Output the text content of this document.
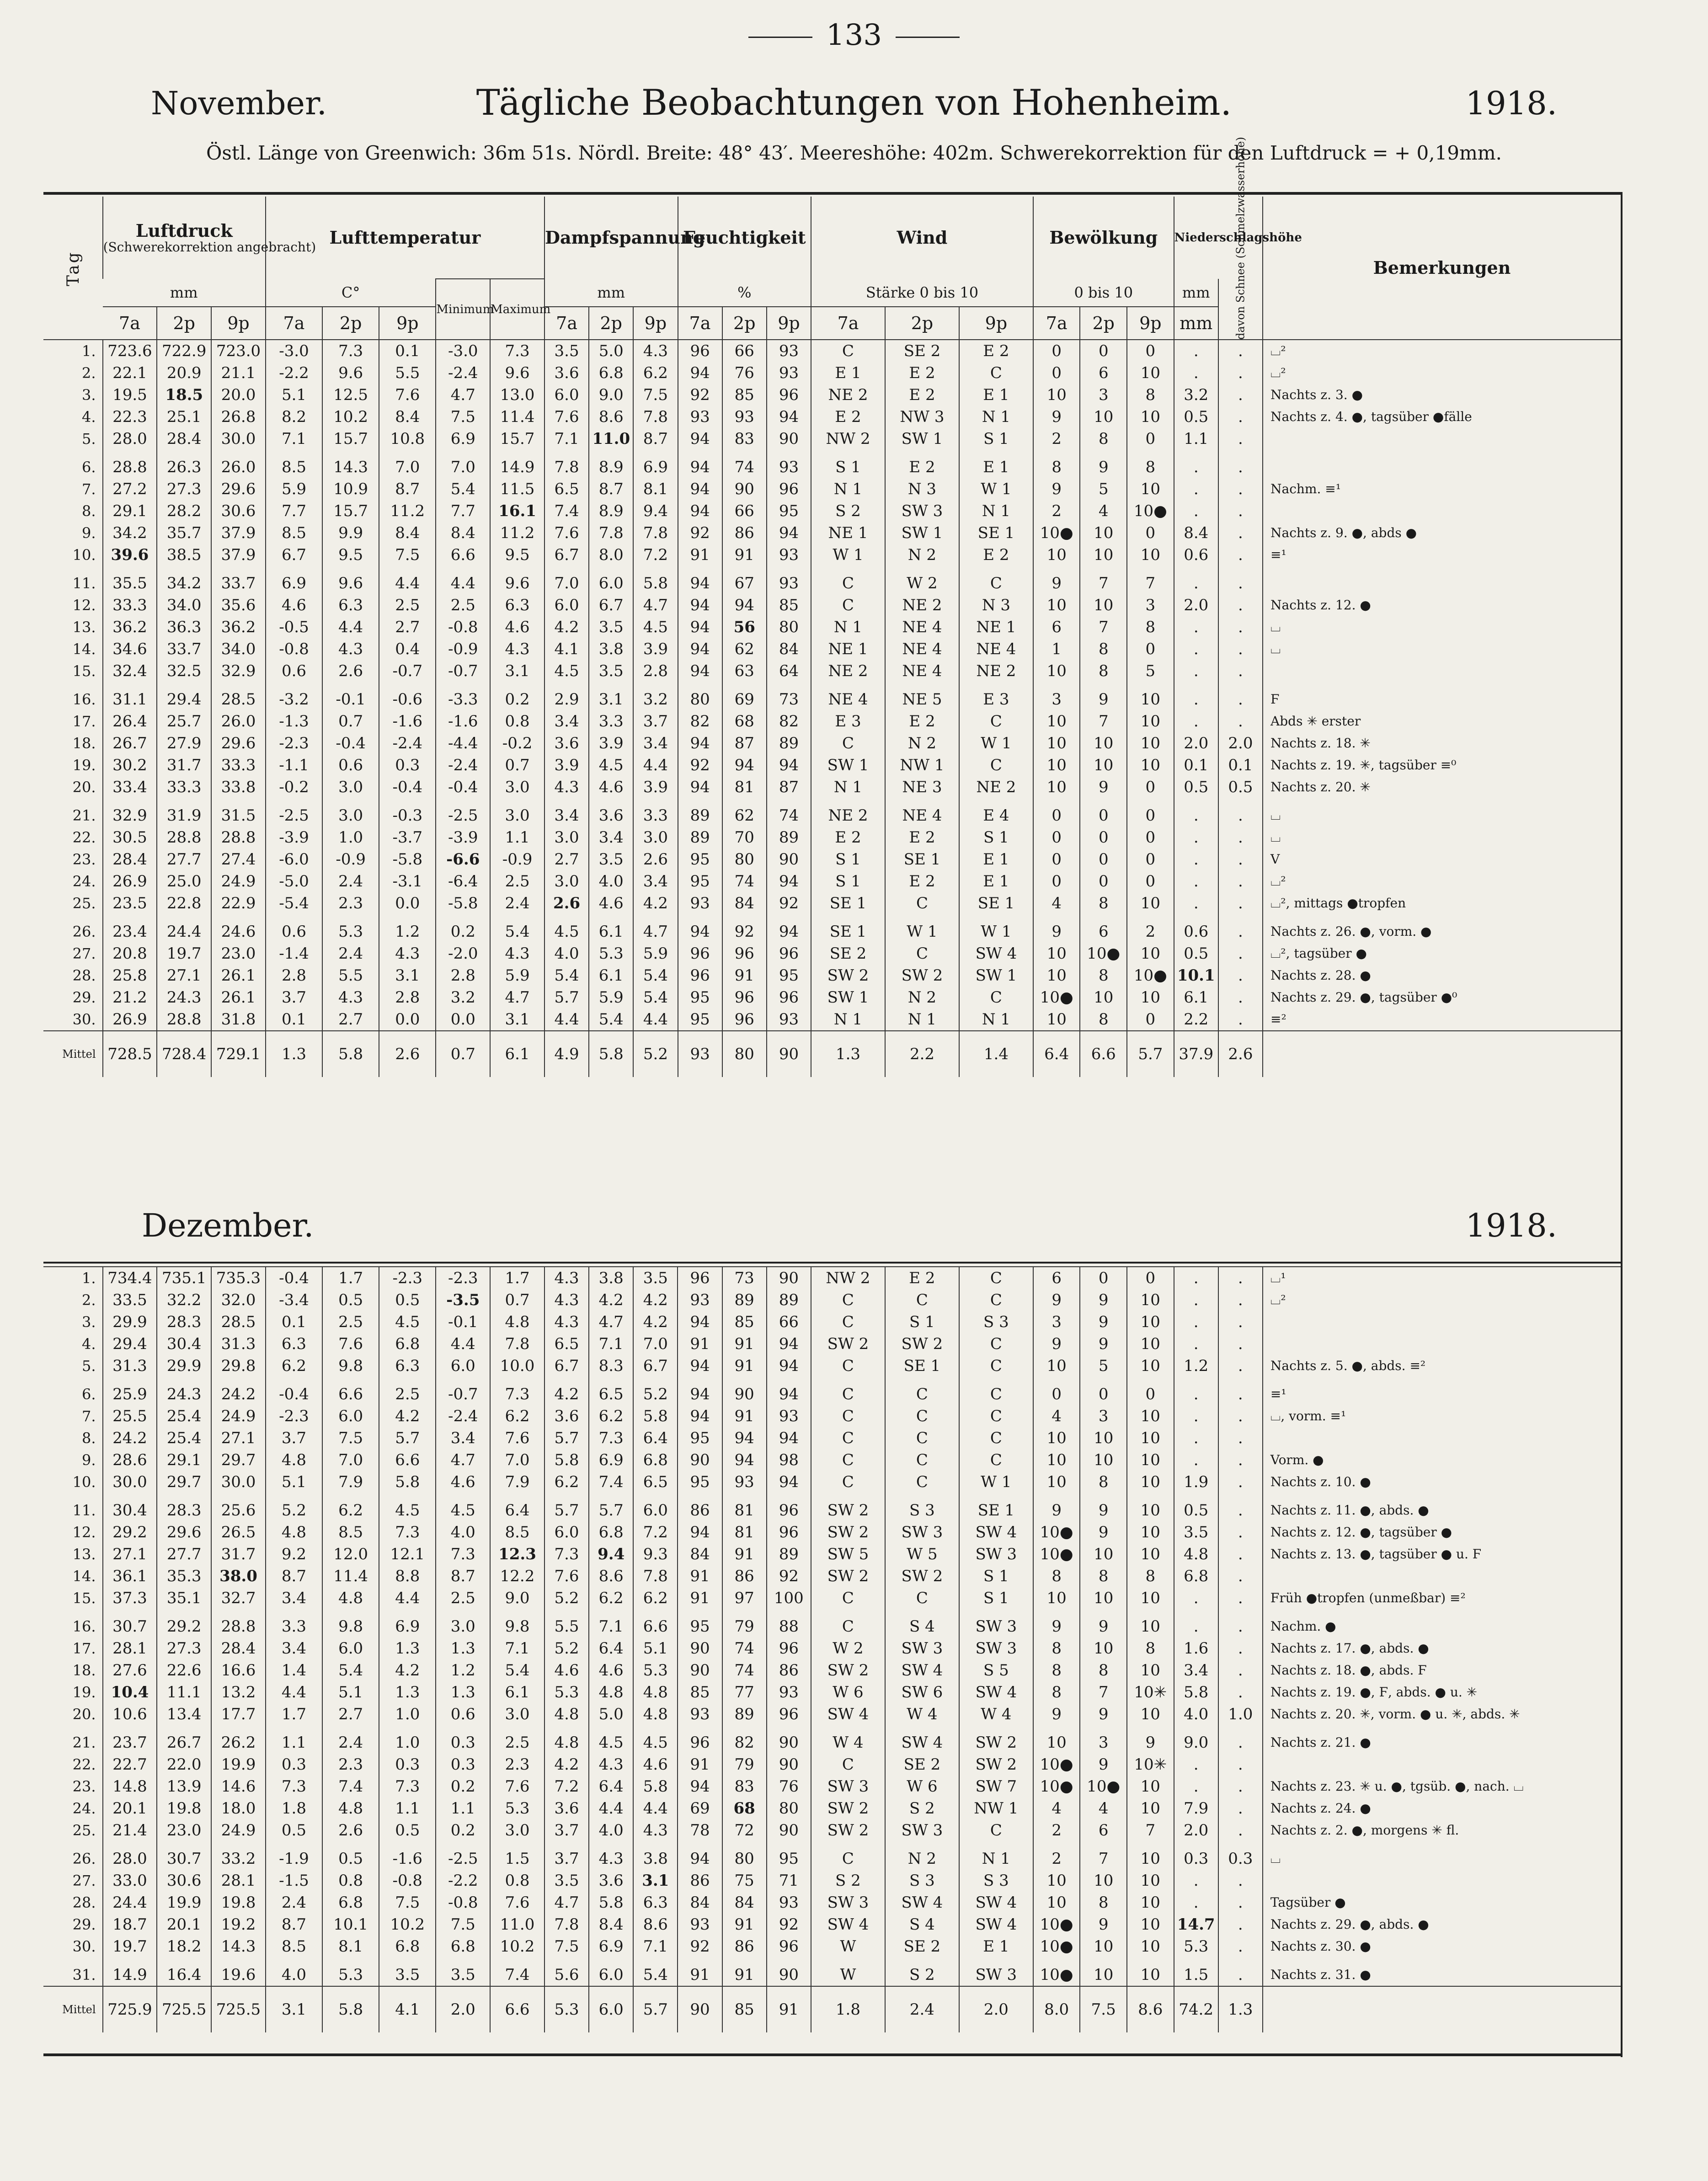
133
November.	Tägliche Beobachtungen von Hohenheim.	1918.
Östl. Länge von Greenwich: 36m 51s. Nördl. Breite: 48° 43′. Meereshöhe: 402m. Schwerekorrektion für den Luftdruck = + 0,19mm.
Tag	Luftdruck
(Schwerekorrektion angebracht)			Lufttemperatur					Dampfspannung			Feuchtigkeit			Wind			Bewölkung			Niederschlagshöhe		Bemerkungen
	mm			C°			Minimum	Maximum	mm			%			Stärke 0 bis 10			0 bis 10			mm	davon Schnee (Schmelzwasserhöhe)	
	7a	2p	9p	7a	2p	9p			7a	2p	9p	7a	2p	9p	7a	2p	9p	7a	2p	9p	mm		
1.	723.6	722.9	723.0	-3.0	7.3	0.1	-3.0	7.3	3.5	5.0	4.3	96	66	93	C	SE 2	E 2	0	0	0	.	.	⌴²
2.	22.1	20.9	21.1	-2.2	9.6	5.5	-2.4	9.6	3.6	6.8	6.2	94	76	93	E 1	E 2	C	0	6	10	.	.	⌴²
3.	19.5	18.5	20.0	5.1	12.5	7.6	4.7	13.0	6.0	9.0	7.5	92	85	96	NE 2	E 2	E 1	10	3	8	3.2	.	Nachts z. 3. ●
4.	22.3	25.1	26.8	8.2	10.2	8.4	7.5	11.4	7.6	8.6	7.8	93	93	94	E 2	NW 3	N 1	9	10	10	0.5	.	Nachts z. 4. ●, tagsüber ●fälle
5.	28.0	28.4	30.0	7.1	15.7	10.8	6.9	15.7	7.1	11.0	8.7	94	83	90	NW 2	SW 1	S 1	2	8	0	1.1	.	
6.	28.8	26.3	26.0	8.5	14.3	7.0	7.0	14.9	7.8	8.9	6.9	94	74	93	S 1	E 2	E 1	8	9	8	.	.	
7.	27.2	27.3	29.6	5.9	10.9	8.7	5.4	11.5	6.5	8.7	8.1	94	90	96	N 1	N 3	W 1	9	5	10	.	.	Nachm. ≡¹
8.	29.1	28.2	30.6	7.7	15.7	11.2	7.7	16.1	7.4	8.9	9.4	94	66	95	S 2	SW 3	N 1	2	4	10●	.	.	
9.	34.2	35.7	37.9	8.5	9.9	8.4	8.4	11.2	7.6	7.8	7.8	92	86	94	NE 1	SW 1	SE 1	10●	10	0	8.4	.	Nachts z. 9. ●, abds ●
10.	39.6	38.5	37.9	6.7	9.5	7.5	6.6	9.5	6.7	8.0	7.2	91	91	93	W 1	N 2	E 2	10	10	10	0.6	.	≡¹
11.	35.5	34.2	33.7	6.9	9.6	4.4	4.4	9.6	7.0	6.0	5.8	94	67	93	C	W 2	C	9	7	7	.	.	
12.	33.3	34.0	35.6	4.6	6.3	2.5	2.5	6.3	6.0	6.7	4.7	94	94	85	C	NE 2	N 3	10	10	3	2.0	.	Nachts z. 12. ●
13.	36.2	36.3	36.2	-0.5	4.4	2.7	-0.8	4.6	4.2	3.5	4.5	94	56	80	N 1	NE 4	NE 1	6	7	8	.	.	⌴
14.	34.6	33.7	34.0	-0.8	4.3	0.4	-0.9	4.3	4.1	3.8	3.9	94	62	84	NE 1	NE 4	NE 4	1	8	0	.	.	⌴
15.	32.4	32.5	32.9	0.6	2.6	-0.7	-0.7	3.1	4.5	3.5	2.8	94	63	64	NE 2	NE 4	NE 2	10	8	5	.	.	
16.	31.1	29.4	28.5	-3.2	-0.1	-0.6	-3.3	0.2	2.9	3.1	3.2	80	69	73	NE 4	NE 5	E 3	3	9	10	.	.	Ϝ
17.	26.4	25.7	26.0	-1.3	0.7	-1.6	-1.6	0.8	3.4	3.3	3.7	82	68	82	E 3	E 2	C	10	7	10	.	.	Abds ✳ erster
18.	26.7	27.9	29.6	-2.3	-0.4	-2.4	-4.4	-0.2	3.6	3.9	3.4	94	87	89	C	N 2	W 1	10	10	10	2.0	2.0	Nachts z. 18. ✳
19.	30.2	31.7	33.3	-1.1	0.6	0.3	-2.4	0.7	3.9	4.5	4.4	92	94	94	SW 1	NW 1	C	10	10	10	0.1	0.1	Nachts z. 19. ✳, tagsüber ≡⁰
20.	33.4	33.3	33.8	-0.2	3.0	-0.4	-0.4	3.0	4.3	4.6	3.9	94	81	87	N 1	NE 3	NE 2	10	9	0	0.5	0.5	Nachts z. 20. ✳
21.	32.9	31.9	31.5	-2.5	3.0	-0.3	-2.5	3.0	3.4	3.6	3.3	89	62	74	NE 2	NE 4	E 4	0	0	0	.	.	⌴
22.	30.5	28.8	28.8	-3.9	1.0	-3.7	-3.9	1.1	3.0	3.4	3.0	89	70	89	E 2	E 2	S 1	0	0	0	.	.	⌴
23.	28.4	27.7	27.4	-6.0	-0.9	-5.8	-6.6	-0.9	2.7	3.5	2.6	95	80	90	S 1	SE 1	E 1	0	0	0	.	.	V
24.	26.9	25.0	24.9	-5.0	2.4	-3.1	-6.4	2.5	3.0	4.0	3.4	95	74	94	S 1	E 2	E 1	0	0	0	.	.	⌴²
25.	23.5	22.8	22.9	-5.4	2.3	0.0	-5.8	2.4	2.6	4.6	4.2	93	84	92	SE 1	C	SE 1	4	8	10	.	.	⌴², mittags ●tropfen
26.	23.4	24.4	24.6	0.6	5.3	1.2	0.2	5.4	4.5	6.1	4.7	94	92	94	SE 1	W 1	W 1	9	6	2	0.6	.	Nachts z. 26. ●, vorm. ●
27.	20.8	19.7	23.0	-1.4	2.4	4.3	-2.0	4.3	4.0	5.3	5.9	96	96	96	SE 2	C	SW 4	10	10●	10	0.5	.	⌴², tagsüber ●
28.	25.8	27.1	26.1	2.8	5.5	3.1	2.8	5.9	5.4	6.1	5.4	96	91	95	SW 2	SW 2	SW 1	10	8	10●	10.1	.	Nachts z. 28. ●
29.	21.2	24.3	26.1	3.7	4.3	2.8	3.2	4.7	5.7	5.9	5.4	95	96	96	SW 1	N 2	C	10●	10	10	6.1	.	Nachts z. 29. ●, tagsüber ●⁰
30.	26.9	28.8	31.8	0.1	2.7	0.0	0.0	3.1	4.4	5.4	4.4	95	96	93	N 1	N 1	N 1	10	8	0	2.2	.	≡²
Mittel	728.5	728.4	729.1	1.3	5.8	2.6	0.7	6.1	4.9	5.8	5.2	93	80	90	1.3	2.2	1.4	6.4	6.6	5.7	37.9	2.6	
Dezember.	1918.
1.	734.4	735.1	735.3	-0.4	1.7	-2.3	-2.3	1.7	4.3	3.8	3.5	96	73	90	NW 2	E 2	C	6	0	0	.	.	⌴¹
2.	33.5	32.2	32.0	-3.4	0.5	0.5	-3.5	0.7	4.3	4.2	4.2	93	89	89	C	C	C	9	9	10	.	.	⌴²
3.	29.9	28.3	28.5	0.1	2.5	4.5	-0.1	4.8	4.3	4.7	4.2	94	85	66	C	S 1	S 3	3	9	10	.	.	
4.	29.4	30.4	31.3	6.3	7.6	6.8	4.4	7.8	6.5	7.1	7.0	91	91	94	SW 2	SW 2	C	9	9	10	.	.	
5.	31.3	29.9	29.8	6.2	9.8	6.3	6.0	10.0	6.7	8.3	6.7	94	91	94	C	SE 1	C	10	5	10	1.2	.	Nachts z. 5. ●, abds. ≡²
6.	25.9	24.3	24.2	-0.4	6.6	2.5	-0.7	7.3	4.2	6.5	5.2	94	90	94	C	C	C	0	0	0	.	.	≡¹
7.	25.5	25.4	24.9	-2.3	6.0	4.2	-2.4	6.2	3.6	6.2	5.8	94	91	93	C	C	C	4	3	10	.	.	⌴, vorm. ≡¹
8.	24.2	25.4	27.1	3.7	7.5	5.7	3.4	7.6	5.7	7.3	6.4	95	94	94	C	C	C	10	10	10	.	.	
9.	28.6	29.1	29.7	4.8	7.0	6.6	4.7	7.0	5.8	6.9	6.8	90	94	98	C	C	C	10	10	10	.	.	Vorm. ●
10.	30.0	29.7	30.0	5.1	7.9	5.8	4.6	7.9	6.2	7.4	6.5	95	93	94	C	C	W 1	10	8	10	1.9	.	Nachts z. 10. ●
11.	30.4	28.3	25.6	5.2	6.2	4.5	4.5	6.4	5.7	5.7	6.0	86	81	96	SW 2	S 3	SE 1	9	9	10	0.5	.	Nachts z. 11. ●, abds. ●
12.	29.2	29.6	26.5	4.8	8.5	7.3	4.0	8.5	6.0	6.8	7.2	94	81	96	SW 2	SW 3	SW 4	10●	9	10	3.5	.	Nachts z. 12. ●, tagsüber ●
13.	27.1	27.7	31.7	9.2	12.0	12.1	7.3	12.3	7.3	9.4	9.3	84	91	89	SW 5	W 5	SW 3	10●	10	10	4.8	.	Nachts z. 13. ●, tagsüber ● u. Ϝ
14.	36.1	35.3	38.0	8.7	11.4	8.8	8.7	12.2	7.6	8.6	7.8	91	86	92	SW 2	SW 2	S 1	8	8	8	6.8	.	
15.	37.3	35.1	32.7	3.4	4.8	4.4	2.5	9.0	5.2	6.2	6.2	91	97	100	C	C	S 1	10	10	10	.	.	Früh ●tropfen (unmeßbar) ≡²
16.	30.7	29.2	28.8	3.3	9.8	6.9	3.0	9.8	5.5	7.1	6.6	95	79	88	C	S 4	SW 3	9	9	10	.	.	Nachm. ●
17.	28.1	27.3	28.4	3.4	6.0	1.3	1.3	7.1	5.2	6.4	5.1	90	74	96	W 2	SW 3	SW 3	8	10	8	1.6	.	Nachts z. 17. ●, abds. ●
18.	27.6	22.6	16.6	1.4	5.4	4.2	1.2	5.4	4.6	4.6	5.3	90	74	86	SW 2	SW 4	S 5	8	8	10	3.4	.	Nachts z. 18. ●, abds. Ϝ
19.	10.4	11.1	13.2	4.4	5.1	1.3	1.3	6.1	5.3	4.8	4.8	85	77	93	W 6	SW 6	SW 4	8	7	10✳	5.8	.	Nachts z. 19. ●, Ϝ, abds. ● u. ✳
20.	10.6	13.4	17.7	1.7	2.7	1.0	0.6	3.0	4.8	5.0	4.8	93	89	96	SW 4	W 4	W 4	9	9	10	4.0	1.0	Nachts z. 20. ✳, vorm. ● u. ✳, abds. ✳
21.	23.7	26.7	26.2	1.1	2.4	1.0	0.3	2.5	4.8	4.5	4.5	96	82	90	W 4	SW 4	SW 2	10	3	9	9.0	.	Nachts z. 21. ●
22.	22.7	22.0	19.9	0.3	2.3	0.3	0.3	2.3	4.2	4.3	4.6	91	79	90	C	SE 2	SW 2	10●	9	10✳	.	.	
23.	14.8	13.9	14.6	7.3	7.4	7.3	0.2	7.6	7.2	6.4	5.8	94	83	76	SW 3	W 6	SW 7	10●	10●	10	.	.	Nachts z. 23. ✳ u. ●, tgsüb. ●, nach. ⌴
24.	20.1	19.8	18.0	1.8	4.8	1.1	1.1	5.3	3.6	4.4	4.4	69	68	80	SW 2	S 2	NW 1	4	4	10	7.9	.	Nachts z. 24. ●
25.	21.4	23.0	24.9	0.5	2.6	0.5	0.2	3.0	3.7	4.0	4.3	78	72	90	SW 2	SW 3	C	2	6	7	2.0	.	Nachts z. 2. ●, morgens ✳ fl.
26.	28.0	30.7	33.2	-1.9	0.5	-1.6	-2.5	1.5	3.7	4.3	3.8	94	80	95	C	N 2	N 1	2	7	10	0.3	0.3	⌴
27.	33.0	30.6	28.1	-1.5	0.8	-0.8	-2.2	0.8	3.5	3.6	3.1	86	75	71	S 2	S 3	S 3	10	10	10	.	.	
28.	24.4	19.9	19.8	2.4	6.8	7.5	-0.8	7.6	4.7	5.8	6.3	84	84	93	SW 3	SW 4	SW 4	10	8	10	.	.	Tagsüber ●
29.	18.7	20.1	19.2	8.7	10.1	10.2	7.5	11.0	7.8	8.4	8.6	93	91	92	SW 4	S 4	SW 4	10●	9	10	14.7	.	Nachts z. 29. ●, abds. ●
30.	19.7	18.2	14.3	8.5	8.1	6.8	6.8	10.2	7.5	6.9	7.1	92	86	96	W	SE 2	E 1	10●	10	10	5.3	.	Nachts z. 30. ●
31.	14.9	16.4	19.6	4.0	5.3	3.5	3.5	7.4	5.6	6.0	5.4	91	91	90	W	S 2	SW 3	10●	10	10	1.5	.	Nachts z. 31. ●
Mittel	725.9	725.5	725.5	3.1	5.8	4.1	2.0	6.6	5.3	6.0	5.7	90	85	91	1.8	2.4	2.0	8.0	7.5	8.6	74.2	1.3	
